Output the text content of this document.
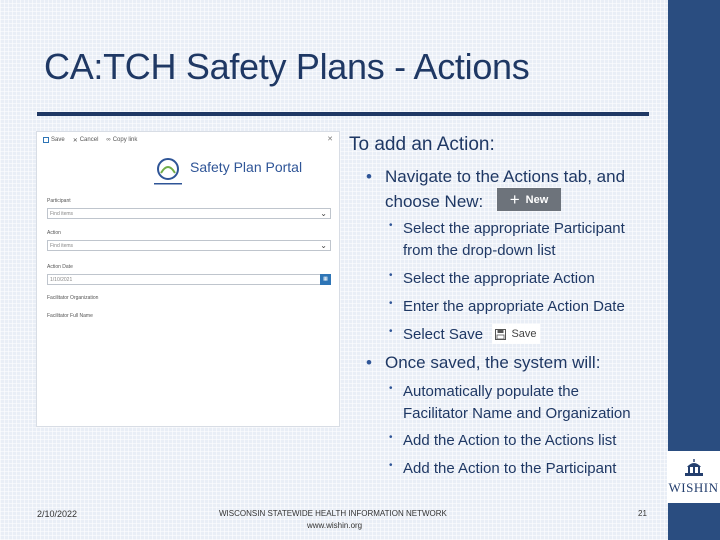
WISHIN
CA:TCH Safety Plans - Actions
Save ✕ Cancel ∞ Copy link	✕
Safety Plan Portal
Participant
Find items	⌄
Action
Find items	⌄
Action Date
1/10/2021	▦
Facilitator Organization
Facilitator Full Name
To add an Action:
• Navigate to the Actions tab, and
choose New: + New
• Select the appropriate Participant
from the drop-down list
• Select the appropriate Action
• Enter the appropriate Action Date
• Select Save	Save
• Once saved, the system will:
• Automatically populate the
Facilitator Name and Organization
• Add the Action to the Actions list
• Add the Action to the Participant
2/10/2022	WISCONSIN STATEWIDE HEALTH INFORMATION NETWORK
www.wishin.org
21
